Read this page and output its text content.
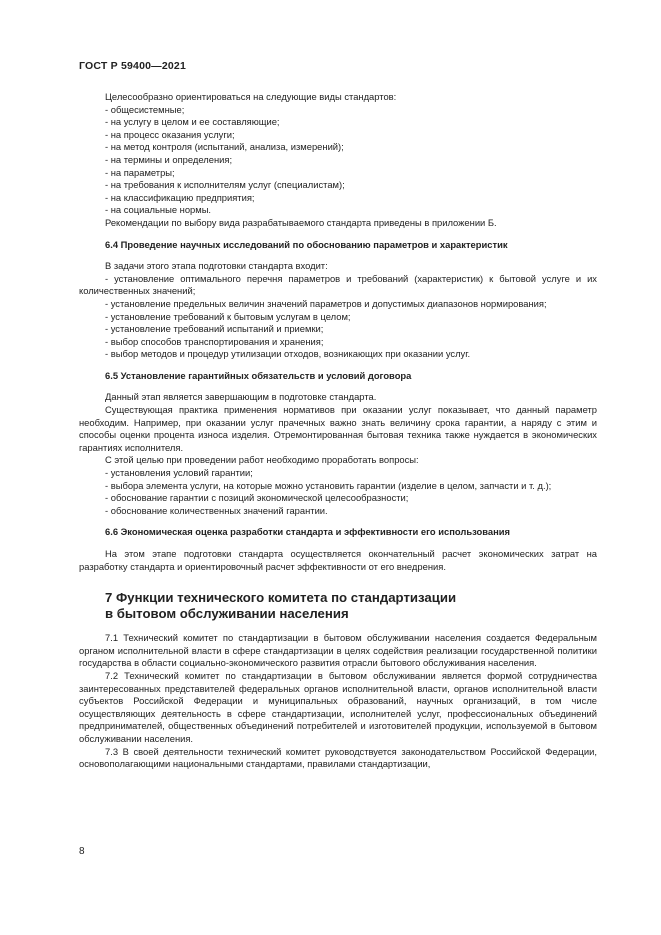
ГОСТ Р 59400—2021

Целесообразно ориентироваться на следующие виды стандартов:

- общесистемные;

- на услугу в целом и ее составляющие;

- на процесс оказания услуги;

- на метод контроля (испытаний, анализа, измерений);

- на термины и определения;

- на параметры;

- на требования к исполнителям услуг (специалистам);

- на классификацию предприятия;

- на социальные нормы.

Рекомендации по выбору вида разрабатываемого стандарта приведены в приложении Б.

6.4 Проведение научных исследований по обоснованию параметров и характеристик

В задачи этого этапа подготовки стандарта входит:

- установление оптимального перечня параметров и требований (характеристик) к бытовой услуге и их количественных значений;

- установление предельных величин значений параметров и допустимых диапазонов нормирования;

- установление требований к бытовым услугам в целом;

- установление требований испытаний и приемки;

- выбор способов транспортирования и хранения;

- выбор методов и процедур утилизации отходов, возникающих при оказании услуг.

6.5 Установление гарантийных обязательств и условий договора

Данный этап является завершающим в подготовке стандарта.

Существующая практика применения нормативов при оказании услуг показывает, что данный параметр необходим. Например, при оказании услуг прачечных важно знать величину срока гарантии, а наряду с этим и способы оценки процента износа изделия. Отремонтированная бытовая техника также нуждается в экономических гарантиях исполнителя.

С этой целью при проведении работ необходимо проработать вопросы:

- установления условий гарантии;

- выбора элемента услуги, на которые можно установить гарантии (изделие в целом, запчасти и т. д.);

- обоснование гарантии с позиций экономической целесообразности;

- обоснование количественных значений гарантии.

6.6 Экономическая оценка разработки стандарта и эффективности его использования

На этом этапе подготовки стандарта осуществляется окончательный расчет экономических затрат на разработку стандарта и ориентировочный расчет эффективности от его внедрения.

7 Функции технического комитета по стандартизации

в бытовом обслуживании населения

7.1 Технический комитет по стандартизации в бытовом обслуживании населения создается Федеральным органом исполнительной власти в сфере стандартизации в целях содействия реализации государственной политики государства в области социально-экономического развития отрасли бытового обслуживания населения.

7.2 Технический комитет по стандартизации в бытовом обслуживании является формой сотрудничества заинтересованных представителей федеральных органов исполнительной власти, органов исполнительной власти субъектов Российской Федерации и муниципальных образований, научных организаций, в том числе осуществляющих деятельность в сфере стандартизации, исполнителей услуг, профессиональных объединений предпринимателей, общественных объединений потребителей и изготовителей продукции, используемой в бытовом обслуживании населения.

7.3 В своей деятельности технический комитет руководствуется законодательством Российской Федерации, основополагающими национальными стандартами, правилами стандартизации,

8
